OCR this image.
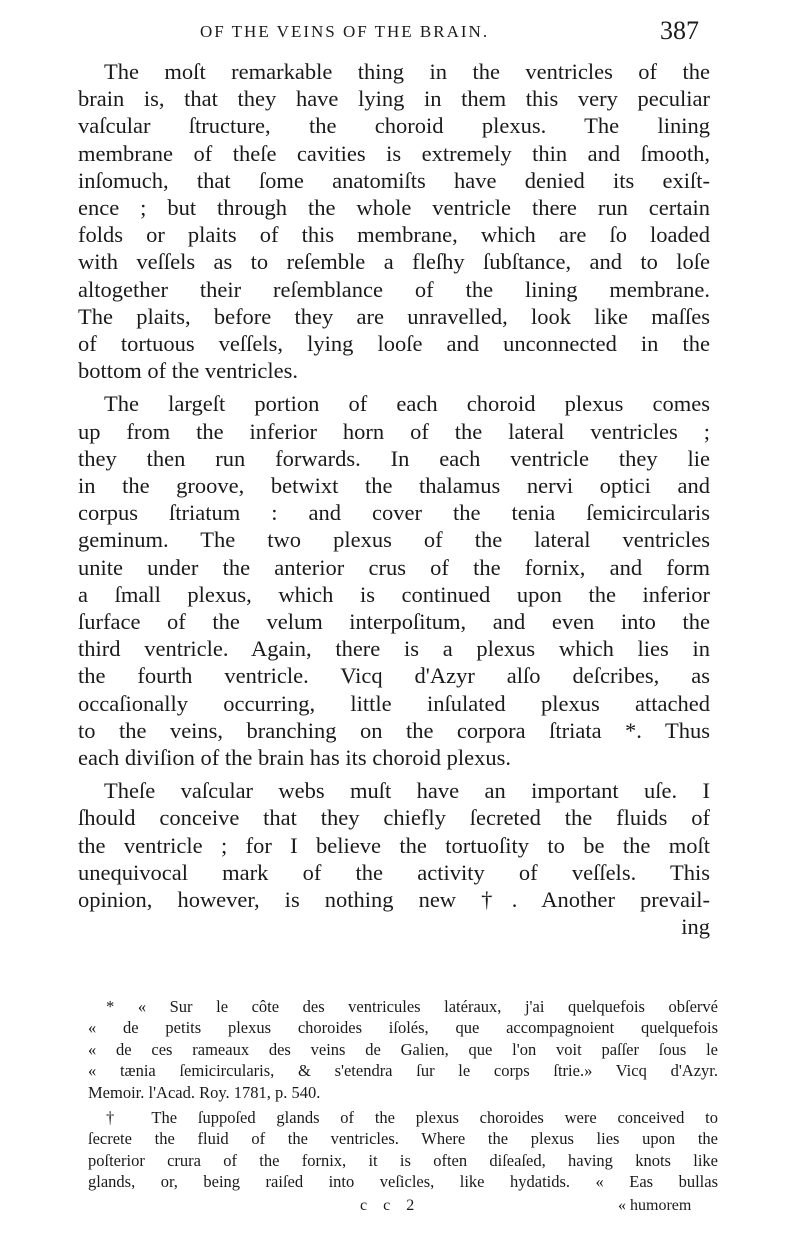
OF THE VEINS OF THE BRAIN.	387

The moſt remarkable thing in the ventricles of the
brain is, that they have lying in them this very peculiar
vaſcular ſtructure, the choroid plexus. The lining
membrane of theſe cavities is extremely thin and ſmooth,
inſomuch, that ſome anatomiſts have denied its exiſt-
ence ; but through the whole ventricle there run certain
folds or plaits of this membrane, which are ſo loaded
with veſſels as to reſemble a fleſhy ſubſtance, and to loſe
altogether their reſemblance of the lining membrane.
The plaits, before they are unravelled, look like maſſes
of tortuous veſſels, lying looſe and unconnected in the
bottom of the ventricles.

The largeſt portion of each choroid plexus comes
up from the inferior horn of the lateral ventricles ;
they then run forwards. In each ventricle they lie
in the groove, betwixt the thalamus nervi optici and
corpus ſtriatum : and cover the tenia ſemicircularis
geminum. The two plexus of the lateral ventricles
unite under the anterior crus of the fornix, and form
a ſmall plexus, which is continued upon the inferior
ſurface of the velum interpoſitum, and even into the
third ventricle. Again, there is a plexus which lies in
the fourth ventricle. Vicq d'Azyr alſo deſcribes, as
occaſionally occurring, little inſulated plexus attached
to the veins, branching on the corpora ſtriata *. Thus
each diviſion of the brain has its choroid plexus.

Theſe vaſcular webs muſt have an important uſe. I
ſhould conceive that they chiefly ſecreted the fluids of
the ventricle ; for I believe the tortuoſity to be the moſt
unequivocal mark of the activity of veſſels. This
opinion, however, is nothing new †. Another prevail-
ing

* « Sur le côte des ventricules latéraux, j'ai quelquefois obſervé
« de petits plexus choroides iſolés, que accompagnoient quelquefois
« de ces rameaux des veins de Galien, que l'on voit paſſer ſous le
« tænia ſemicircularis, & s'etendra ſur le corps ſtrie.» Vicq d'Azyr.
Memoir. l'Acad. Roy. 1781, p. 540.
† The ſuppoſed glands of the plexus choroides were conceived to
ſecrete the fluid of the ventricles. Where the plexus lies upon the
poſterior crura of the fornix, it is often diſeaſed, having knots like
glands, or, being raiſed into veſicles, like hydatids. « Eas bullas
c c 2	« humorem
